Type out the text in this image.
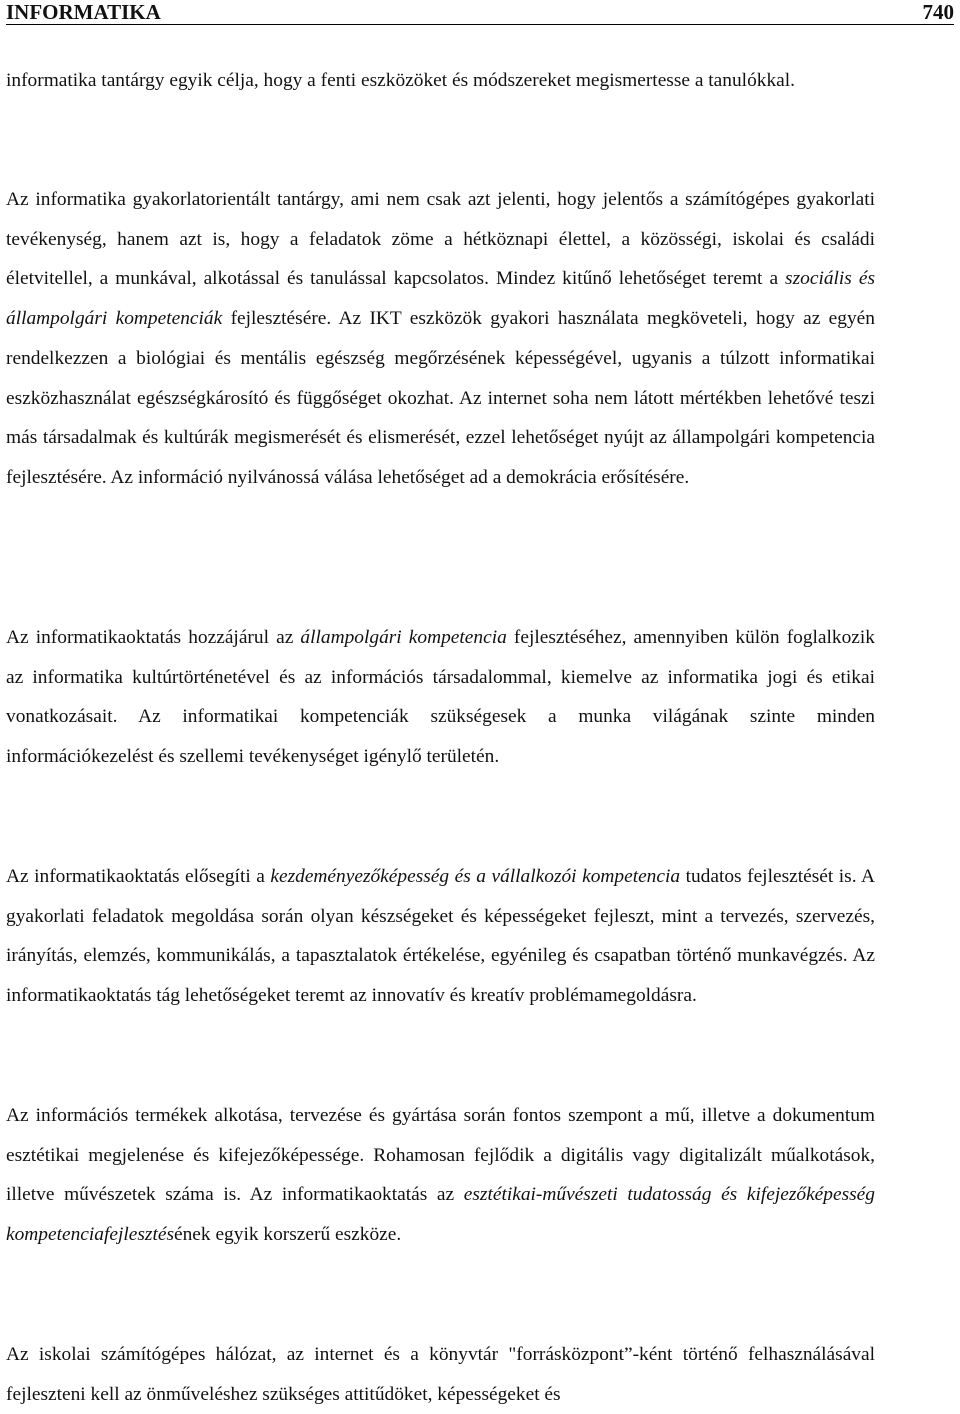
INFORMATIKA	740

informatika tantárgy egyik célja, hogy a fenti eszközöket és módszereket megismertesse a tanulókkal.

Az informatika gyakorlatorientált tantárgy, ami nem csak azt jelenti, hogy jelentős a számítógépes gyakorlati tevékenység, hanem azt is, hogy a feladatok zöme a hétköznapi élettel, a közösségi, iskolai és családi életvitellel, a munkával, alkotással és tanulással kapcsolatos. Mindez kitűnő lehetőséget teremt a szociális és állampolgári kompetenciák fejlesztésére. Az IKT eszközök gyakori használata megköveteli, hogy az egyén rendelkezzen a biológiai és mentális egészség megőrzésének képességével, ugyanis a túlzott informatikai eszközhasználat egészségkárosító és függőséget okozhat. Az internet soha nem látott mértékben lehetővé teszi más társadalmak és kultúrák megismerését és elismerését, ezzel lehetőséget nyújt az állampolgári kompetencia fejlesztésére. Az információ nyilvánossá válása lehetőséget ad a demokrácia erősítésére.

Az informatikaoktatás hozzájárul az állampolgári kompetencia fejlesztéséhez, amennyiben külön foglalkozik az informatika kultúrtörténetével és az információs társadalommal, kiemelve az informatika jogi és etikai vonatkozásait. Az informatikai kompetenciák szükségesek a munka világának szinte minden információkezelést és szellemi tevékenységet igénylő területén.

Az informatikaoktatás elősegíti a kezdeményezőképesség és a vállalkozói kompetencia tudatos fejlesztését is. A gyakorlati feladatok megoldása során olyan készségeket és képességeket fejleszt, mint a tervezés, szervezés, irányítás, elemzés, kommunikálás, a tapasztalatok értékelése, egyénileg és csapatban történő munkavégzés. Az informatikaoktatás tág lehetőségeket teremt az innovatív és kreatív problémamegoldásra.

Az információs termékek alkotása, tervezése és gyártása során fontos szempont a mű, illetve a dokumentum esztétikai megjelenése és kifejezőképessége. Rohamosan fejlődik a digitális vagy digitalizált műalkotások, illetve művészetek száma is. Az informatikaoktatás az esztétikai-művészeti tudatosság és kifejezőképesség kompetenciafejlesztésének egyik korszerű eszköze.

Az iskolai számítógépes hálózat, az internet és a könyvtár "forrásközpont”-ként történő felhasználásával fejleszteni kell az önműveléshez szükséges attitűdöket, képességeket és
